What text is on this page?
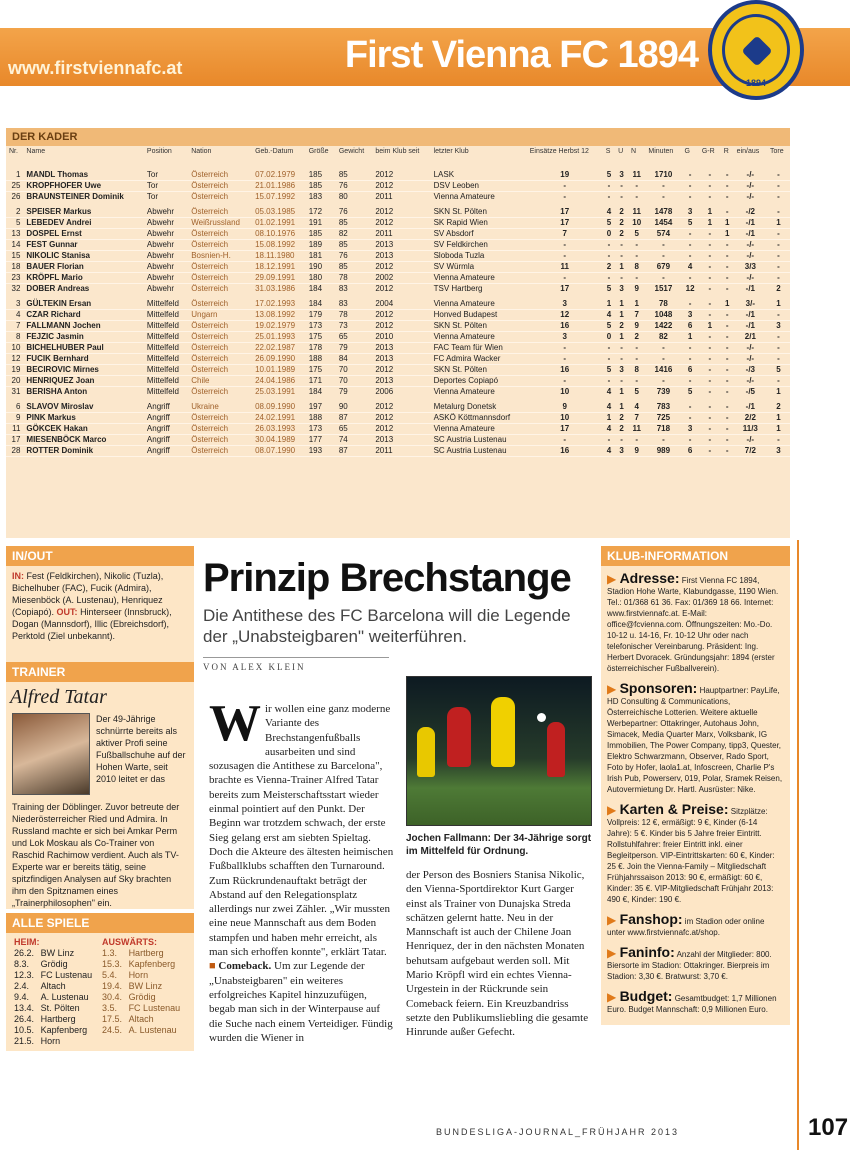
www.firstviennafc.at	First Vienna FC 1894
1894
DER KADER
Nr.	Name	Position	Nation	Geb.-Datum	Größe	Gewicht	beim Klub seit	letzter Klub	Einsätze Herbst 12	S	U	N	Minuten	G	G-R	R	ein/aus	Tore
1	MANDL Thomas	Tor	Österreich	07.02.1979	185	85	2012	LASK	19	5	3	11	1710	-	-	-	-/-	-
25	KROPFHOFER Uwe	Tor	Österreich	21.01.1986	185	76	2012	DSV Leoben	-	-	-	-	-	-	-	-	-/-	-
26	BRAUNSTEINER Dominik	Tor	Österreich	15.07.1992	183	80	2011	Vienna Amateure	-	-	-	-	-	-	-	-	-/-	-
2	SPEISER Markus	Abwehr	Österreich	05.03.1985	172	76	2012	SKN St. Pölten	17	4	2	11	1478	3	1	-	-/2	-
5	LEBEDEV Andrei	Abwehr	Weißrussland	01.02.1991	191	85	2012	SK Rapid Wien	17	5	2	10	1454	5	1	1	-/1	1
13	DOSPEL Ernst	Abwehr	Österreich	08.10.1976	185	82	2011	SV Absdorf	7	0	2	5	574	-	-	1	-/1	-
14	FEST Gunnar	Abwehr	Österreich	15.08.1992	189	85	2013	SV Feldkirchen	-	-	-	-	-	-	-	-	-/-	-
15	NIKOLIC Stanisa	Abwehr	Bosnien-H.	18.11.1980	181	76	2013	Sloboda Tuzla	-	-	-	-	-	-	-	-	-/-	-
18	BAUER Florian	Abwehr	Österreich	18.12.1991	190	85	2012	SV Würmla	11	2	1	8	679	4	-	-	3/3	-
23	KRÖPFL Mario	Abwehr	Österreich	29.09.1991	180	78	2002	Vienna Amateure	-	-	-	-	-	-	-	-	-/-	-
32	DOBER Andreas	Abwehr	Österreich	31.03.1986	184	83	2012	TSV Hartberg	17	5	3	9	1517	12	-	-	-/1	2
3	GÜLTEKIN Ersan	Mittelfeld	Österreich	17.02.1993	184	83	2004	Vienna Amateure	3	1	1	1	78	-	-	1	3/-	1
4	CZAR Richard	Mittelfeld	Ungarn	13.08.1992	179	78	2012	Honved Budapest	12	4	1	7	1048	3	-	-	-/1	-
7	FALLMANN Jochen	Mittelfeld	Österreich	19.02.1979	173	73	2012	SKN St. Pölten	16	5	2	9	1422	6	1	-	-/1	3
8	FEJZIC Jasmin	Mittelfeld	Österreich	25.01.1993	175	65	2010	Vienna Amateure	3	0	1	2	82	1	-	-	2/1	-
10	BICHELHUBER Paul	Mittelfeld	Österreich	22.02.1987	178	79	2013	FAC Team für Wien	-	-	-	-	-	-	-	-	-/-	-
12	FUCIK Bernhard	Mittelfeld	Österreich	26.09.1990	188	84	2013	FC Admira Wacker	-	-	-	-	-	-	-	-	-/-	-
19	BECIROVIC Mirnes	Mittelfeld	Österreich	10.01.1989	175	70	2012	SKN St. Pölten	16	5	3	8	1416	6	-	-	-/3	5
20	HENRIQUEZ Joan	Mittelfeld	Chile	24.04.1986	171	70	2013	Deportes Copiapó	-	-	-	-	-	-	-	-	-/-	-
31	BERISHA Anton	Mittelfeld	Österreich	25.03.1991	184	79	2006	Vienna Amateure	10	4	1	5	739	5	-	-	-/5	1
6	SLAVOV Miroslav	Angriff	Ukraine	08.09.1990	197	90	2012	Metalurg Donetsk	9	4	1	4	783	-	-	-	-/1	2
9	PINK Markus	Angriff	Österreich	24.02.1991	188	87	2012	ASKÖ Köttmannsdorf	10	1	2	7	725	-	-	-	2/2	1
11	GÖKCEK Hakan	Angriff	Österreich	26.03.1993	173	65	2012	Vienna Amateure	17	4	2	11	718	3	-	-	11/3	1
17	MIESENBÖCK Marco	Angriff	Österreich	30.04.1989	177	74	2013	SC Austria Lustenau	-	-	-	-	-	-	-	-	-/-	-
28	ROTTER Dominik	Angriff	Österreich	08.07.1990	193	87	2011	SC Austria Lustenau	16	4	3	9	989	6	-	-	7/2	3
IN/OUT
IN: Fest (Feldkirchen), Nikolic (Tuzla), Bichelhuber (FAC), Fucik (Admira), Miesenböck (A. Lustenau), Henriquez (Copiapó). OUT: Hinterseer (Innsbruck), Dogan (Mannsdorf), Illic (Ebreichsdorf), Perktold (Ziel unbekannt).
TRAINER
Alfred Tatar
Der 49-Jährige schnürrte bereits als aktiver Profi seine Fußballschuhe auf der Hohen Warte, seit 2010 leitet er das
Training der Döblinger. Zuvor betreute der Niederösterreicher Ried und Admira. In Russland machte er sich bei Amkar Perm und Lok Moskau als Co-Trainer von Raschid Rachimow verdient. Auch als TV-Experte war er bereits tätig, seine spitzfindigen Analysen auf Sky brachten ihm den Spitznamen eines „Trainerphilosophen" ein.
ALLE SPIELE
HEIM:		AUSWÄRTS:	
26.2.	BW Linz	1.3.	Hartberg
8.3.	Grödig	15.3.	Kapfenberg
12.3.	FC Lustenau	5.4.	Horn
2.4.	Altach	19.4.	BW Linz
9.4.	A. Lustenau	30.4.	Grödig
13.4.	St. Pölten	3.5.	FC Lustenau
26.4.	Hartberg	17.5.	Altach
10.5.	Kapfenberg	24.5.	A. Lustenau
21.5.	Horn		
Prinzip Brechstange
Die Antithese des FC Barcelona will die Legende der „Unabsteigbaren" weiterführen.
VON ALEX KLEIN
Wir wollen eine ganz moderne Variante des Brechstangenfußballs ausarbeiten und sind sozusagen die Antithese zu Barcelona", brachte es Vienna-Trainer Alfred Tatar bereits zum Meisterschaftsstart wieder einmal pointiert auf den Punkt. Der Beginn war trotzdem schwach, der erste Sieg gelang erst am siebten Spieltag. Doch die Akteure des ältesten heimischen Fußballklubs schafften den Turnaround. Zum Rückrundenauftakt beträgt der Abstand auf den Relegationsplatz allerdings nur zwei Zähler. „Wir mussten eine neue Mannschaft aus dem Boden stampfen und haben mehr erreicht, als man sich erhoffen konnte", erklärt Tatar.
■ Comeback. Um zur Legende der „Unabsteigbaren" ein weiteres erfolgreiches Kapitel hinzuzufügen, begab man sich in der Winterpause auf die Suche nach einem Verteidiger. Fündig wurden die Wiener in
Jochen Fallmann: Der 34-Jährige sorgt im Mittelfeld für Ordnung.
der Person des Bosniers Stanisa Nikolic, den Vienna-Sportdirektor Kurt Garger einst als Trainer von Dunajska Streda schätzen gelernt hatte. Neu in der Mannschaft ist auch der Chilene Joan Henriquez, der in den nächsten Monaten behutsam aufgebaut werden soll. Mit Mario Kröpfl wird ein echtes Vienna-Urgestein in der Rückrunde sein Comeback feiern. Ein Kreuzbandriss setzte den Publikumsliebling die gesamte Hinrunde außer Gefecht.
KLUB-INFORMATION
▶ Adresse: First Vienna FC 1894, Stadion Hohe Warte, Klabundgasse, 1190 Wien. Tel.: 01/368 61 36. Fax: 01/369 18 66. Internet: www.firstviennafc.at. E-Mail: office@fcvienna.com. Öffnungszeiten: Mo.-Do. 10-12 u. 14-16, Fr. 10-12 Uhr oder nach telefonischer Vereinbarung. Präsident: Ing. Herbert Dvoracek. Gründungsjahr: 1894 (erster österreichischer Fußballverein).
▶ Sponsoren: Hauptpartner: PayLife, HD Consulting & Communications, Österreichische Lotterien. Weitere aktuelle Werbepartner: Ottakringer, Autohaus John, Simacek, Media Quarter Marx, Volksbank, IG Immobilien, The Power Company, tipp3, Quester, Elektro Schwarzmann, Observer, Rado Sport, Foto by Hofer, laola1.at, Infoscreen, Charlie P's Irish Pub, Powerserv, 019, Polar, Sramek Reisen, Autovermietung Dr. Hartl. Ausrüster: Nike.
▶ Karten & Preise: Sitzplätze: Vollpreis: 12 €, ermäßigt: 9 €, Kinder (6-14 Jahre): 5 €. Kinder bis 5 Jahre freier Eintritt. Rollstuhlfahrer: freier Eintritt inkl. einer Begleitperson. VIP-Eintrittskarten: 60 €, Kinder: 25 €. Join the Vienna-Family – Mitgliedschaft Frühjahrssaison 2013: 90 €, ermäßigt: 60 €, Kinder: 35 €. VIP-Mitgliedschaft Frühjahr 2013: 490 €, Kinder: 190 €.
▶ Fanshop: im Stadion oder online unter www.firstviennafc.at/shop.
▶ Faninfo: Anzahl der Mitglieder: 800. Biersorte im Stadion: Ottakringer. Bierpreis im Stadion: 3,30 €. Bratwurst: 3,70 €.
▶ Budget: Gesamtbudget: 1,7 Millionen Euro. Budget Mannschaft: 0,9 Millionen Euro.
BUNDESLIGA-JOURNAL_FRÜHJAHR 2013	107
